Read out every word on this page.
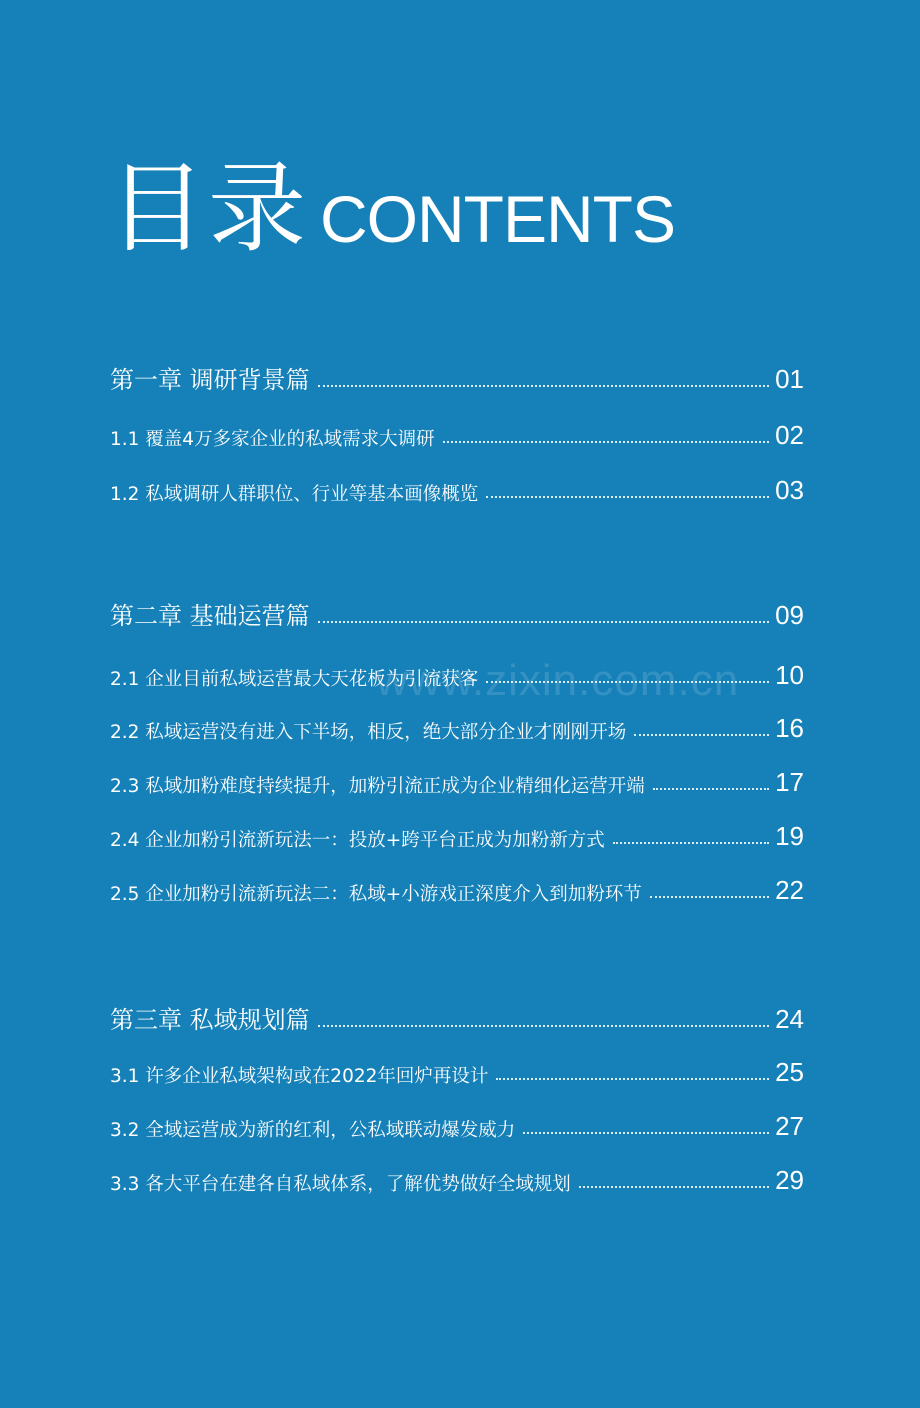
目录 CONTENTS
www.zixin.com.cn
第一章 调研背景篇	01
1.1 覆盖4万多家企业的私域需求大调研	02
1.2 私域调研人群职位、行业等基本画像概览	03
第二章 基础运营篇	09
2.1 企业目前私域运营最大天花板为引流获客	10
2.2 私域运营没有进入下半场，相反，绝大部分企业才刚刚开场	16
2.3 私域加粉难度持续提升，加粉引流正成为企业精细化运营开端	17
2.4 企业加粉引流新玩法一：投放+跨平台正成为加粉新方式	19
2.5 企业加粉引流新玩法二：私域+小游戏正深度介入到加粉环节	22
第三章 私域规划篇	24
3.1 许多企业私域架构或在2022年回炉再设计	25
3.2 全域运营成为新的红利，公私域联动爆发威力	27
3.3 各大平台在建各自私域体系，了解优势做好全域规划	29
